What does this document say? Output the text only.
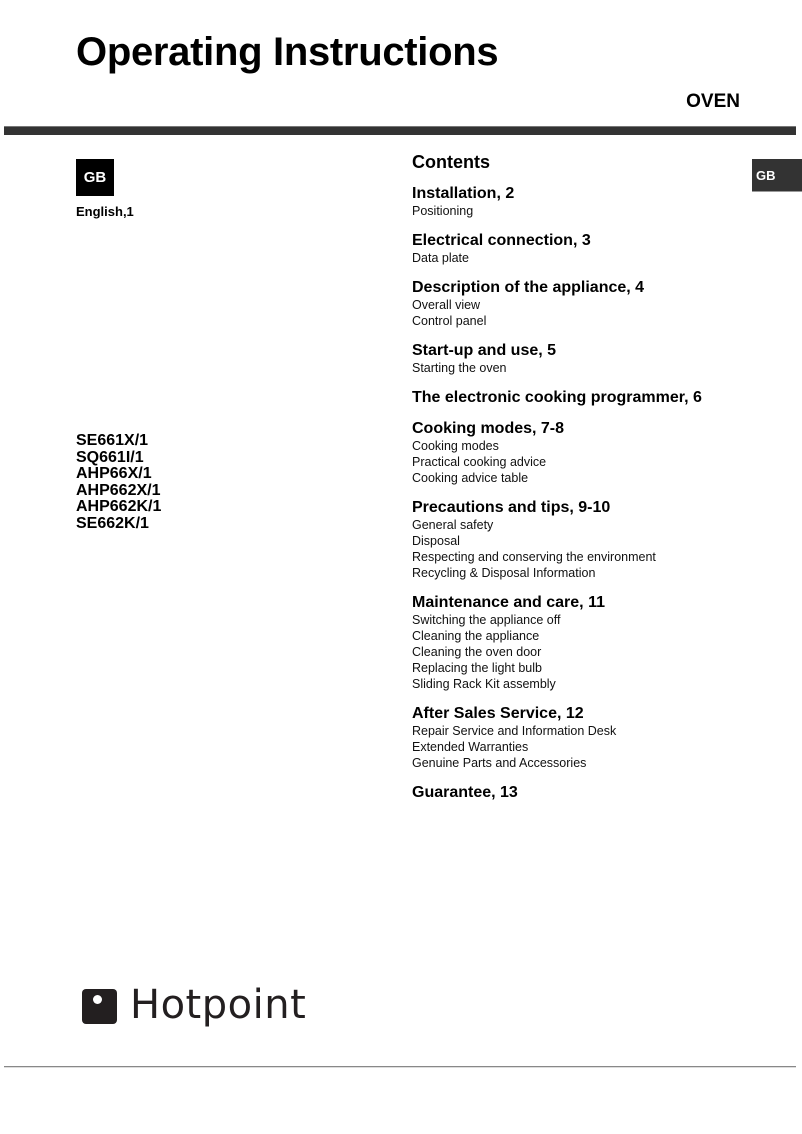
Operating Instructions
OVEN
GB
English,1
GB
SE661X/1
SQ661I/1
AHP66X/1
AHP662X/1
AHP662K/1
SE662K/1
Contents
Installation, 2
Positioning
Electrical connection, 3
Data plate
Description of the appliance, 4
Overall view
Control panel
Start-up and use, 5
Starting the oven
The electronic cooking programmer, 6
Cooking modes, 7-8
Cooking modes
Practical cooking advice
Cooking advice table
Precautions and tips, 9-10
General safety
Disposal
Respecting and conserving the environment
Recycling & Disposal Information
Maintenance and care, 11
Switching the appliance off
Cleaning the appliance
Cleaning the oven door
Replacing the light bulb
Sliding Rack Kit assembly
After Sales Service, 12
Repair Service and Information Desk
Extended Warranties
Genuine Parts and Accessories
Guarantee, 13
Hotpoint
